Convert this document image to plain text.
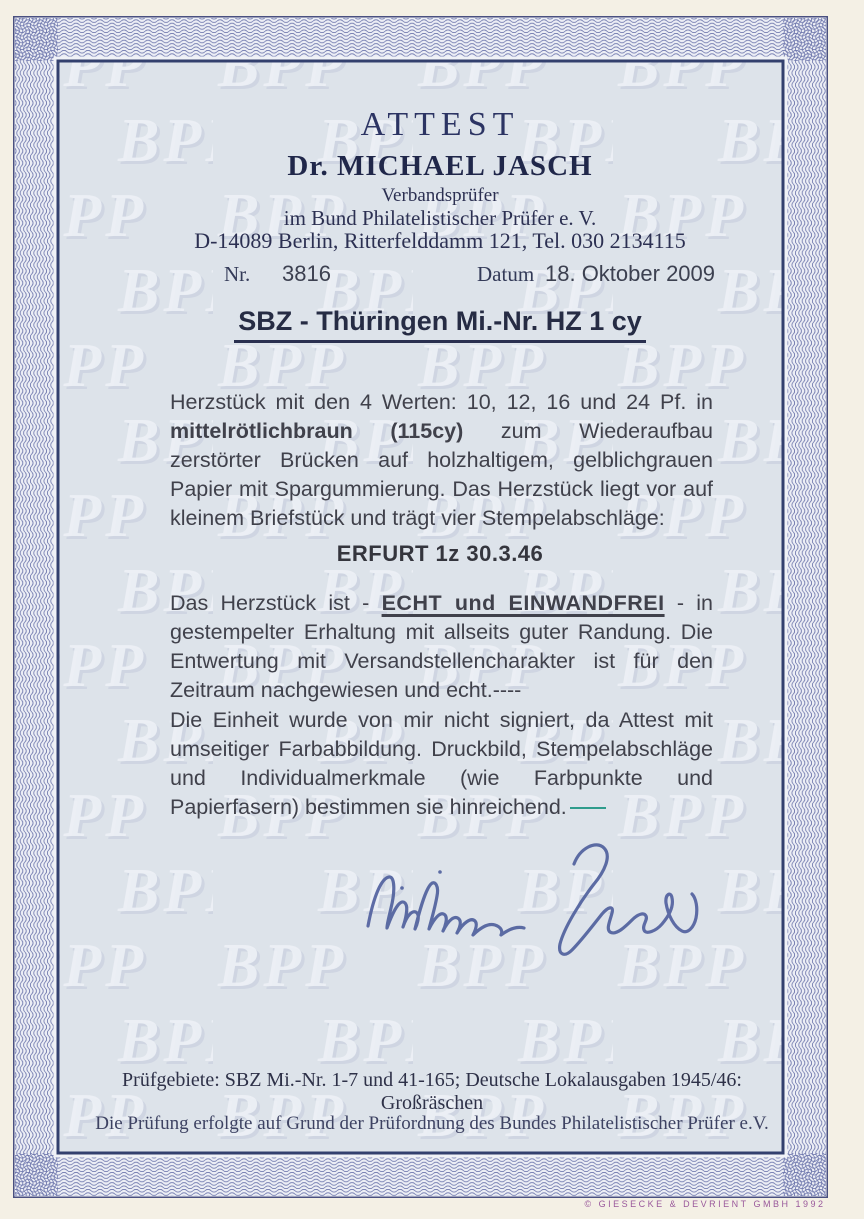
ATTEST
Dr. MICHAEL JASCH
Verbandsprüfer
im Bund Philatelistischer Prüfer e. V.
D-14089 Berlin, Ritterfelddamm 121, Tel. 030 2134115
Nr. 3816	Datum 18. Oktober 2009
SBZ - Thüringen Mi.-Nr. HZ 1 cy
Herzstück mit den 4 Werten: 10, 12, 16 und 24 Pf. in mittelrötlichbraun (115cy) zum Wiederaufbau zerstörter Brücken auf holzhaltigem, gelblichgrauen Papier mit Spargummierung. Das Herzstück liegt vor auf kleinem Briefstück und trägt vier Stempelabschläge:
ERFURT 1z 30.3.46
Das Herzstück ist - ECHT und EINWANDFREI - in gestempelter Erhaltung mit allseits guter Randung. Die Entwertung mit Versandstellencharakter ist für den Zeitraum nachgewiesen und echt.----
Die Einheit wurde von mir nicht signiert, da Attest mit umseitiger Farbabbildung. Druckbild, Stempelabschläge und Individualmerkmale (wie Farbpunkte und Papierfasern) bestimmen sie hinreichend.
Prüfgebiete: SBZ Mi.-Nr. 1-7 und 41-165; Deutsche Lokalausgaben 1945/46: Großräschen
Die Prüfung erfolgte auf Grund der Prüfordnung des Bundes Philatelistischer Prüfer e.V.
© GIESECKE & DEVRIENT GMBH 1992
